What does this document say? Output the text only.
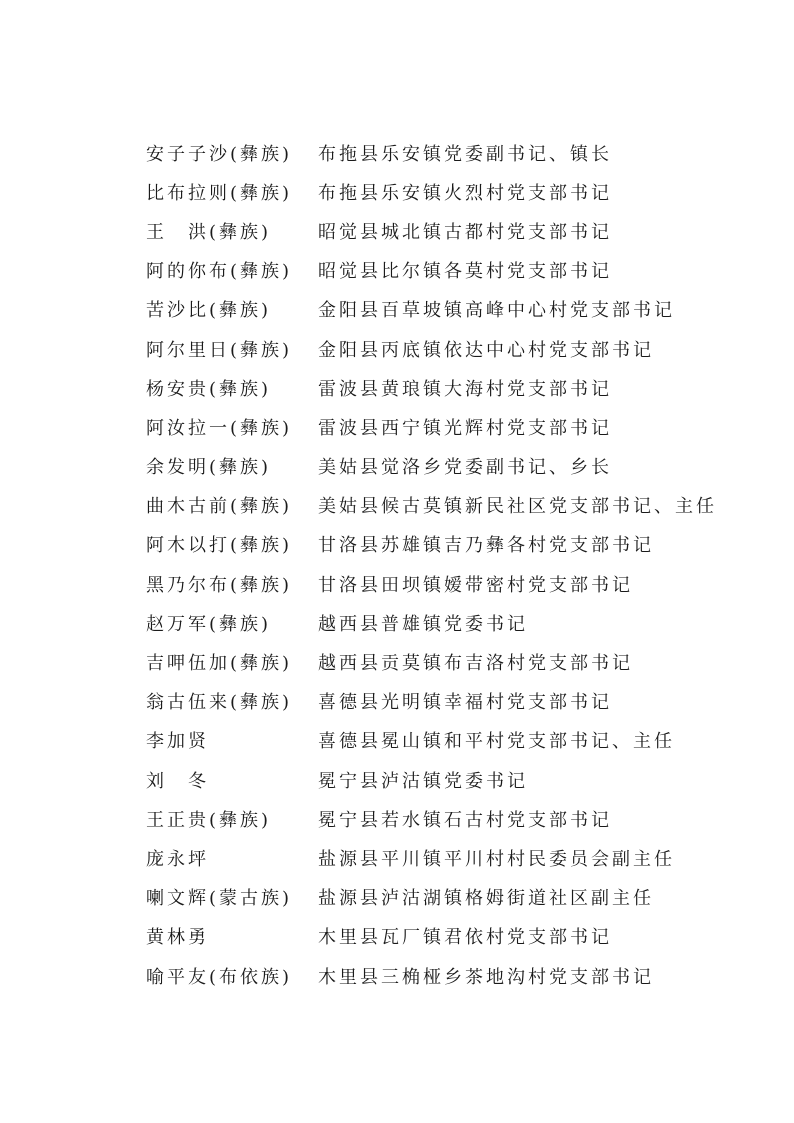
安子子沙(彝族)	布拖县乐安镇党委副书记、镇长
比布拉则(彝族)	布拖县乐安镇火烈村党支部书记
王　洪(彝族)	昭觉县城北镇古都村党支部书记
阿的你布(彝族)	昭觉县比尔镇各莫村党支部书记
苦沙比(彝族)	金阳县百草坡镇高峰中心村党支部书记
阿尔里日(彝族)	金阳县丙底镇依达中心村党支部书记
杨安贵(彝族)	雷波县黄琅镇大海村党支部书记
阿汝拉一(彝族)	雷波县西宁镇光辉村党支部书记
余发明(彝族)	美姑县觉洛乡党委副书记、乡长
曲木古前(彝族)	美姑县候古莫镇新民社区党支部书记、主任
阿木以打(彝族)	甘洛县苏雄镇吉乃彝各村党支部书记
黑乃尔布(彝族)	甘洛县田坝镇嫒带密村党支部书记
赵万军(彝族)	越西县普雄镇党委书记
吉呷伍加(彝族)	越西县贡莫镇布吉洛村党支部书记
翁古伍来(彝族)	喜德县光明镇幸福村党支部书记
李加贤	喜德县冕山镇和平村党支部书记、主任
刘　冬	冕宁县泸沽镇党委书记
王正贵(彝族)	冕宁县若水镇石古村党支部书记
庞永坪	盐源县平川镇平川村村民委员会副主任
喇文辉(蒙古族)	盐源县泸沽湖镇格姆街道社区副主任
黄林勇	木里县瓦厂镇君依村党支部书记
喻平友(布依族)	木里县三桷桠乡茶地沟村党支部书记
